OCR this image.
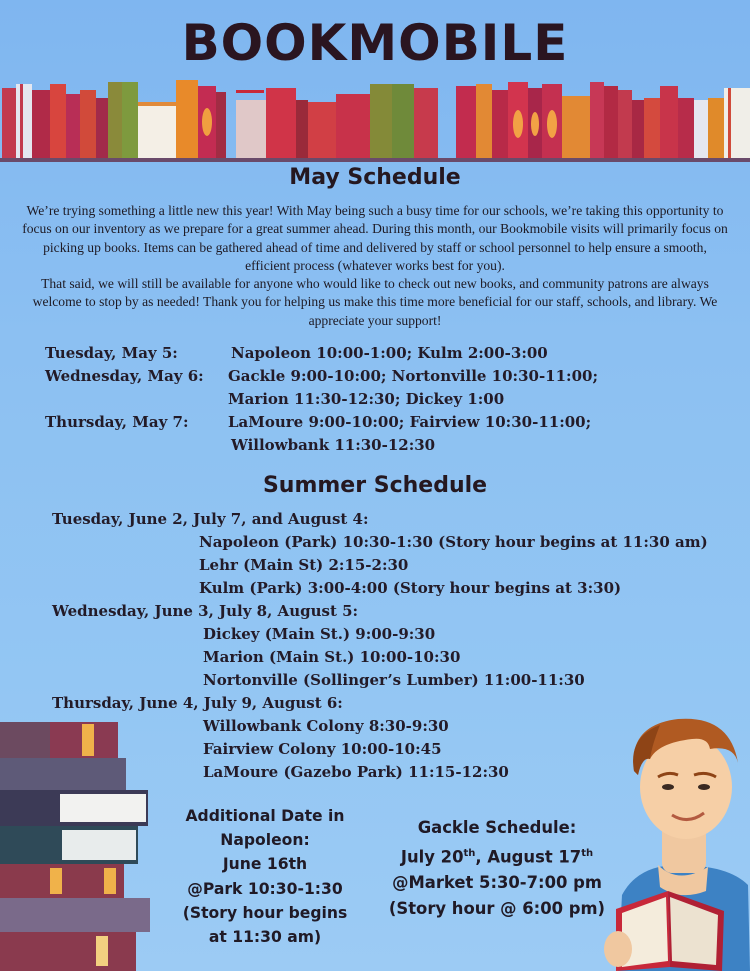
BOOKMOBILE
May Schedule
We’re trying something a little new this year! With May being such a busy time for our schools, we’re taking this opportunity to focus on our inventory as we prepare for a great summer ahead. During this month, our Bookmobile visits will primarily focus on picking up books. Items can be gathered ahead of time and delivered by staff or school personnel to help ensure a smooth, efficient process (whatever works best for you).
That said, we will still be available for anyone who would like to check out new books, and community patrons are always welcome to stop by as needed! Thank you for helping us make this time more beneficial for our staff, schools, and library. We appreciate your support!
Tuesday, May 5:	Napoleon 10:00-1:00; Kulm 2:00-3:00
Wednesday, May 6: Gackle 9:00-10:00; Nortonville 10:30-11:00;
Marion 11:30-12:30; Dickey 1:00
Thursday, May 7:	LaMoure 9:00-10:00; Fairview 10:30-11:00;
Willowbank 11:30-12:30
Summer Schedule
Tuesday, June 2, July 7, and August 4:
Napoleon (Park) 10:30-1:30 (Story hour begins at 11:30 am)
Lehr (Main St) 2:15-2:30
Kulm (Park) 3:00-4:00 (Story hour begins at 3:30)
Wednesday, June 3, July 8, August 5:
Dickey (Main St.) 9:00-9:30
Marion (Main St.) 10:00-10:30
Nortonville (Sollinger’s Lumber) 11:00-11:30
Thursday, June 4, July 9, August 6:
Willowbank Colony 8:30-9:30
Fairview Colony 10:00-10:45
LaMoure (Gazebo Park) 11:15-12:30
Additional Date in
Napoleon:
June 16th
@Park 10:30-1:30
(Story hour begins
at 11:30 am)
Gackle Schedule:
July 20th, August 17th
@Market 5:30-7:00 pm
(Story hour @ 6:00 pm)
